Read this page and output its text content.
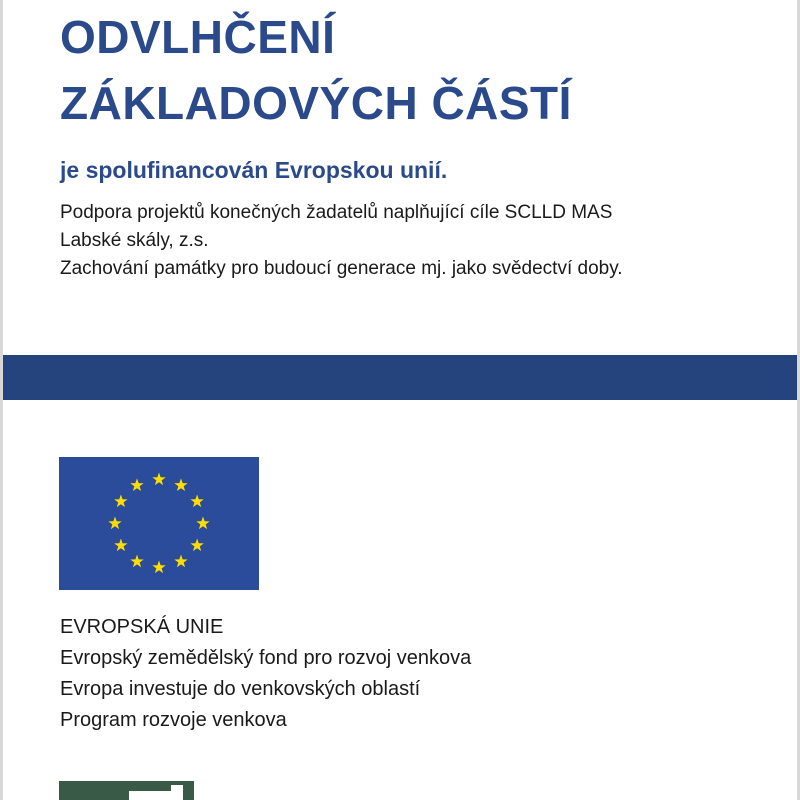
ODVLHČENÍ
ZÁKLADOVÝCH ČÁSTÍ

je spolufinancován Evropskou unií.

Podpora projektů konečných žadatelů naplňující cíle SCLLD MAS
Labské skály, z.s.
Zachování památky pro budoucí generace mj. jako svědectví doby.
EVROPSKÁ UNIE
Evropský zemědělský fond pro rozvoj venkova
Evropa investuje do venkovských oblastí
Program rozvoje venkova
